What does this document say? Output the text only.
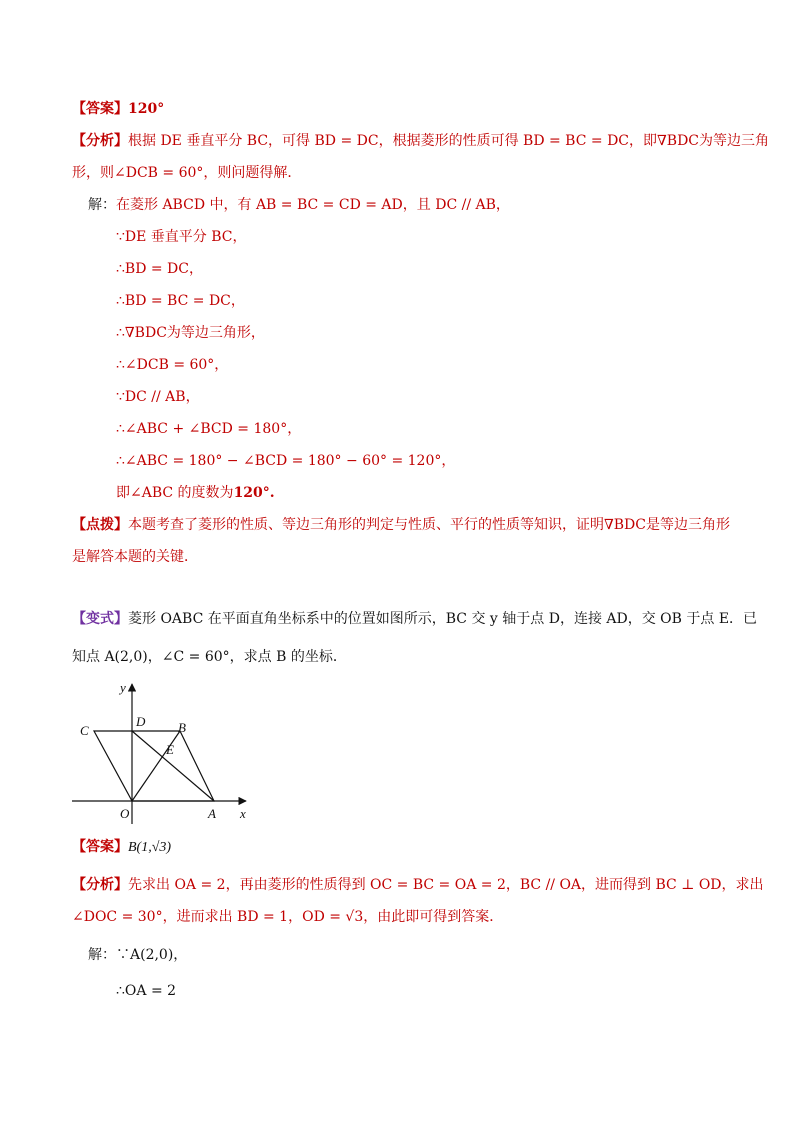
【答案】120°
【分析】根据 DE 垂直平分 BC，可得 BD = DC，根据菱形的性质可得 BD = BC = DC，即∇BDC为等边三角
形，则∠DCB = 60°，则问题得解．
解：在菱形 ABCD 中，有 AB = BC = CD = AD，且 DC // AB，
∵DE 垂直平分 BC，
∴BD = DC，
∴BD = BC = DC，
∴∇BDC为等边三角形，
∴∠DCB = 60°，
∵DC // AB，
∴∠ABC + ∠BCD = 180°，
∴∠ABC = 180° − ∠BCD = 180° − 60° = 120°，
即∠ABC 的度数为120°.
【点拨】本题考查了菱形的性质、等边三角形的判定与性质、平行的性质等知识，证明∇BDC是等边三角形
是解答本题的关键．
【变式】菱形 OABC 在平面直角坐标系中的位置如图所示，BC 交 y 轴于点 D，连接 AD，交 OB 于点 E．已
知点 A(2,0)，∠C = 60°，求点 B 的坐标．
y
x
C
D	B
E
O	A
【答案】B(1,√3)
【分析】先求出 OA = 2，再由菱形的性质得到 OC = BC = OA = 2，BC // OA，进而得到 BC ⊥ OD，求出
∠DOC = 30°，进而求出 BD = 1，OD = √3，由此即可得到答案．
解：∵A(2,0)，
∴OA = 2
